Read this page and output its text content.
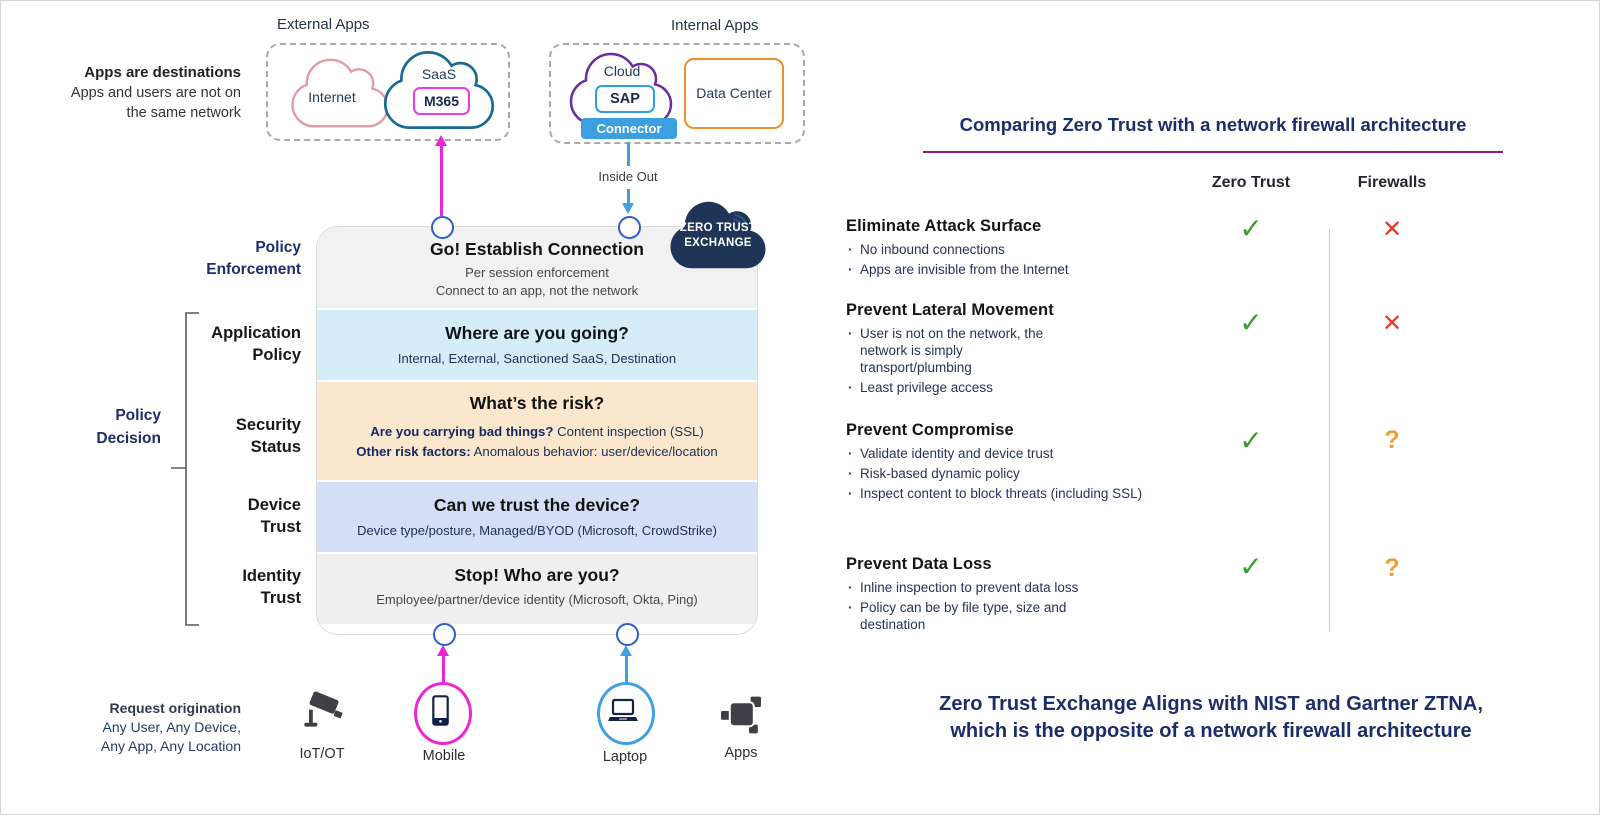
Apps are destinations
Apps and users are not on
the same network
External Apps
Internet
SaaS
M365
Internal Apps
Cloud
SAP
Connector
Data Center
Inside Out
ZERO TRUST
EXCHANGE
Go! Establish Connection
Per session enforcement
Connect to an app, not the network
Where are you going?
Internal, External, Sanctioned SaaS, Destination
What’s the risk?
Are you carrying bad things? Content inspection (SSL)
Other risk factors: Anomalous behavior: user/device/location
Can we trust the device?
Device type/posture, Managed/BYOD (Microsoft, CrowdStrike)
Stop! Who are you?
Employee/partner/device identity (Microsoft, Okta, Ping)
Policy
Enforcement
Policy
Decision
Application
Policy
Security
Status
Device
Trust
Identity
Trust
Request origination
Any User, Any Device,
Any App, Any Location	IoT/OT	Mobile	Laptop	Apps
Comparing Zero Trust with a network firewall architecture
Zero Trust	Firewalls
Eliminate Attack Surface
· No inbound connections
· Apps are invisible from the Internet
✓	✕
Prevent Lateral Movement
· User is not on the network, the network is simply transport/plumbing
· Least privilege access
✓	✕
Prevent Compromise
· Validate identity and device trust
· Risk-based dynamic policy
· Inspect content to block threats (including SSL)
✓	?
Prevent Data Loss
· Inline inspection to prevent data loss
· Policy can be by file type, size and destination
✓	?
Zero Trust Exchange Aligns with NIST and Gartner ZTNA,
which is the opposite of a network firewall architecture
